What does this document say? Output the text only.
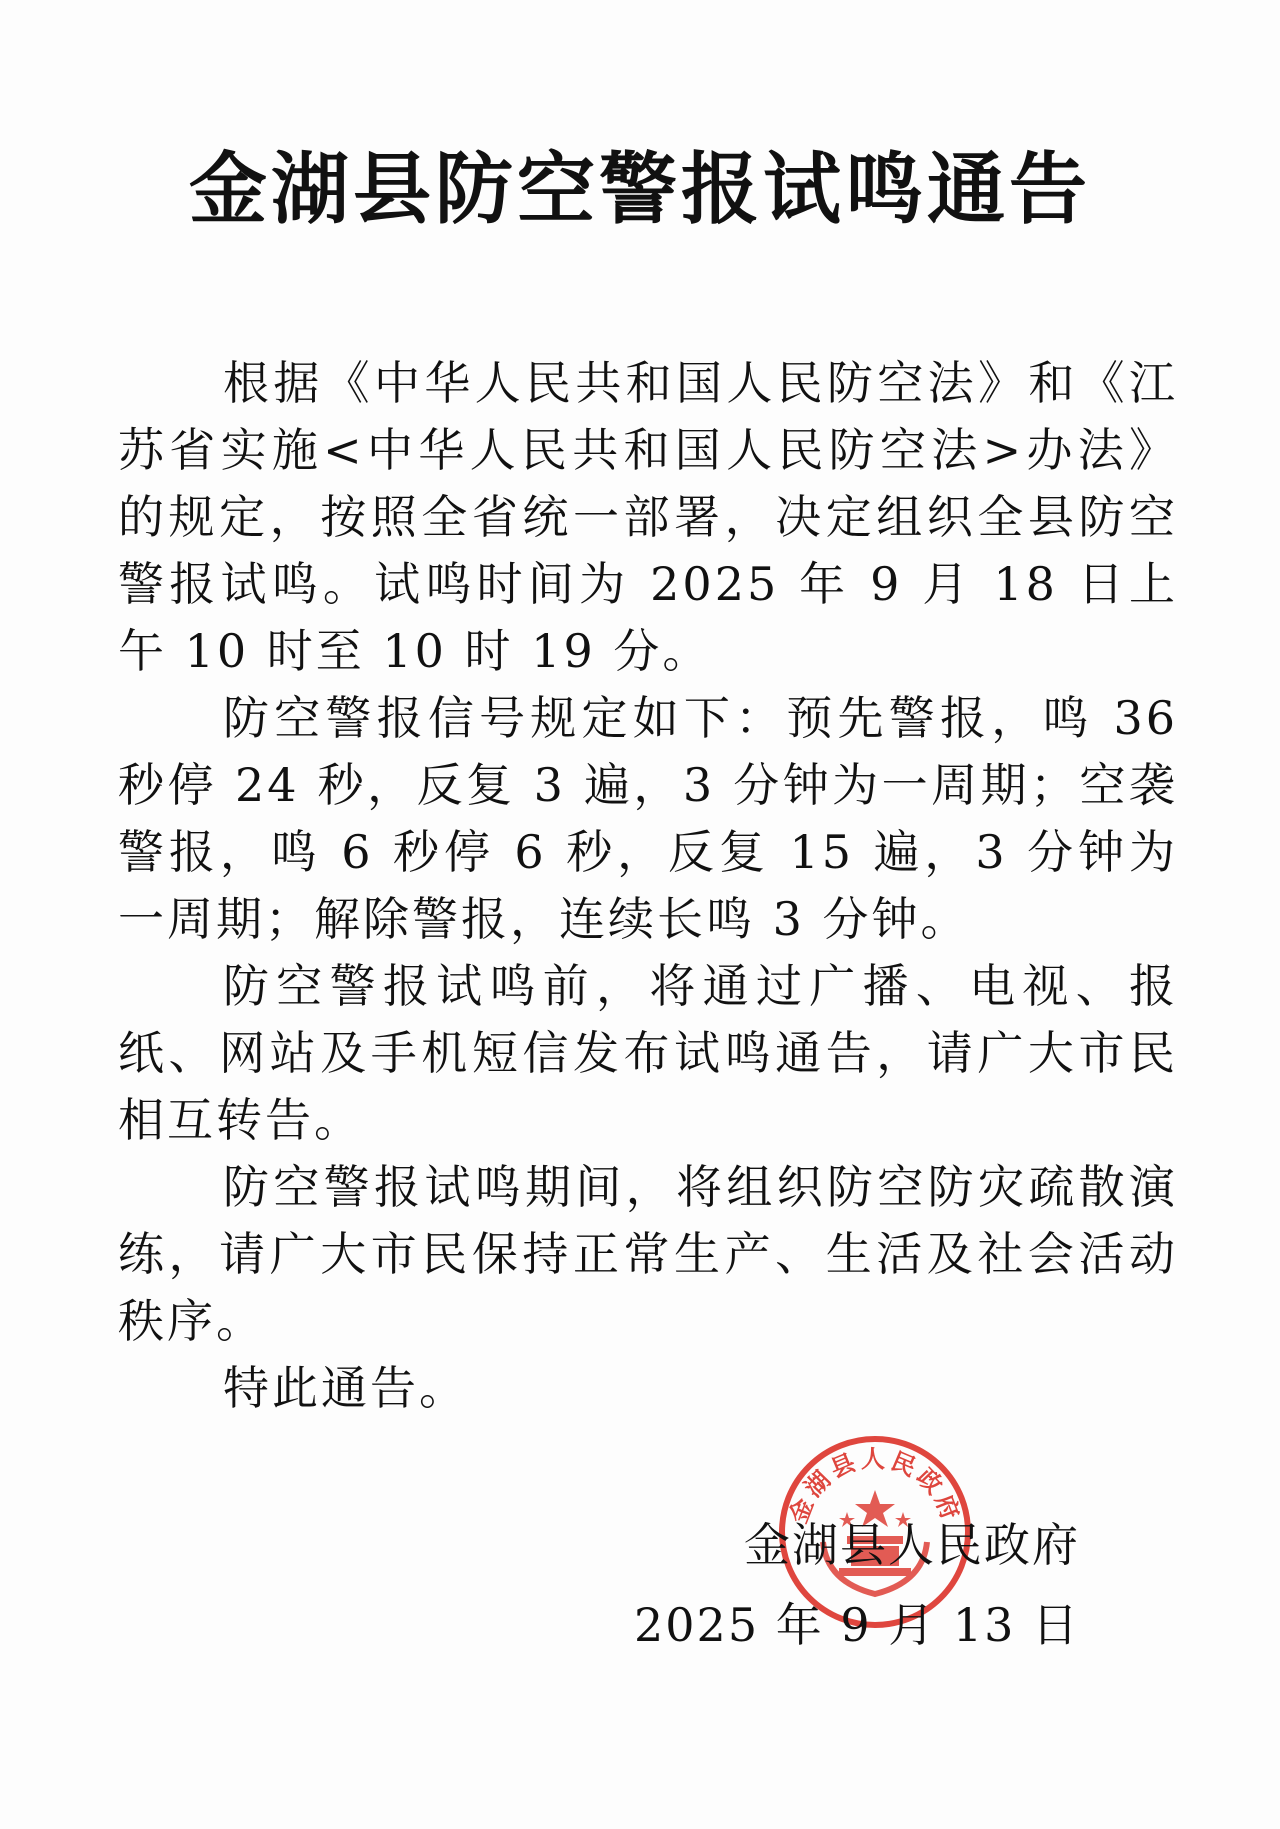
金湖县防空警报试鸣通告

根据《中华人民共和国人民防空法》和《江苏省实施<中华人民共和国人民防空法>办法》的规定，按照全省统一部署，决定组织全县防空警报试鸣。试鸣时间为 2025 年 9 月 18 日上午 10 时至 10 时 19 分。

防空警报信号规定如下：预先警报，鸣 36 秒停 24 秒，反复 3 遍，3 分钟为一周期；空袭警报，鸣 6 秒停 6 秒，反复 15 遍，3 分钟为一周期；解除警报，连续长鸣 3 分钟。

防空警报试鸣前，将通过广播、电视、报纸、网站及手机短信发布试鸣通告，请广大市民相互转告。

防空警报试鸣期间，将组织防空防灾疏散演练，请广大市民保持正常生产、生活及社会活动秩序。

特此通告。

金湖县人民政府
金湖县人民政府
2025 年 9 月 13 日
